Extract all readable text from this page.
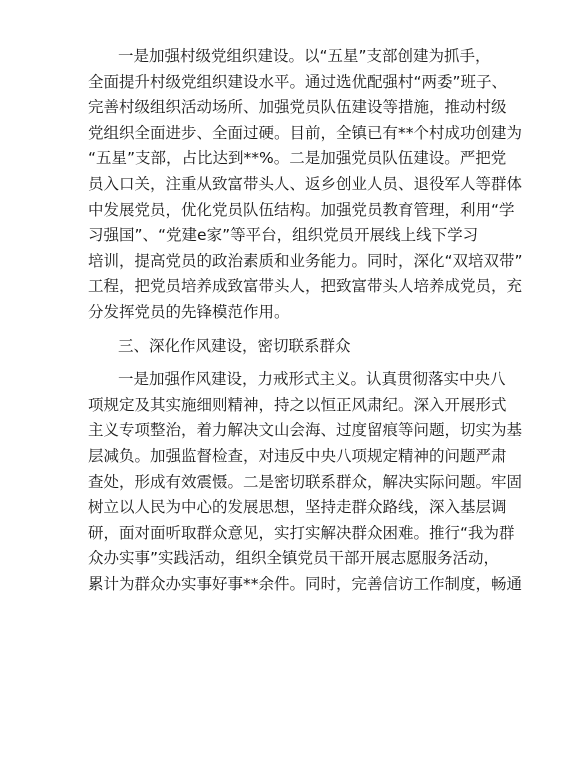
一是加强村级党组织建设。以“五星”支部创建为抓手，
全面提升村级党组织建设水平。通过选优配强村“两委”班子、
完善村级组织活动场所、加强党员队伍建设等措施，推动村级
党组织全面进步、全面过硬。目前，全镇已有**个村成功创建为
“五星”支部，占比达到**%。二是加强党员队伍建设。严把党
员入口关，注重从致富带头人、返乡创业人员、退役军人等群体
中发展党员，优化党员队伍结构。加强党员教育管理，利用“学
习强国”、“党建e家”等平台，组织党员开展线上线下学习
培训，提高党员的政治素质和业务能力。同时，深化“双培双带”
工程，把党员培养成致富带头人，把致富带头人培养成党员，充
分发挥党员的先锋模范作用。
三、深化作风建设，密切联系群众
一是加强作风建设，力戒形式主义。认真贯彻落实中央八
项规定及其实施细则精神，持之以恒正风肃纪。深入开展形式
主义专项整治，着力解决文山会海、过度留痕等问题，切实为基
层减负。加强监督检查，对违反中央八项规定精神的问题严肃
查处，形成有效震慑。二是密切联系群众，解决实际问题。牢固
树立以人民为中心的发展思想，坚持走群众路线，深入基层调
研，面对面听取群众意见，实打实解决群众困难。推行“我为群
众办实事”实践活动，组织全镇党员干部开展志愿服务活动，
累计为群众办实事好事**余件。同时，完善信访工作制度，畅通
